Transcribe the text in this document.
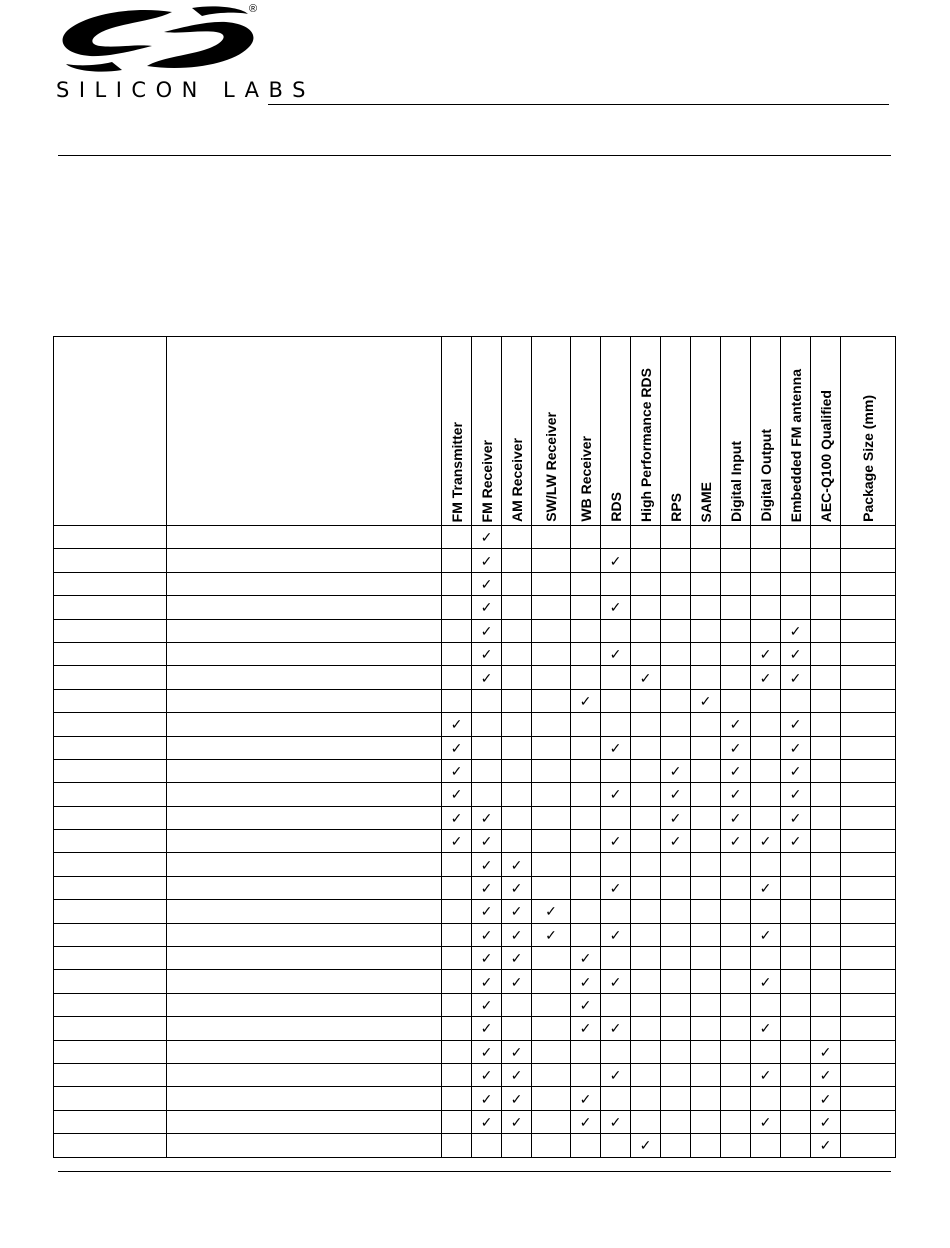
®
SILICON LABS
		FM Transmitter	FM Receiver	AM Receiver	SW/LW Receiver	WB Receiver	RDS	High Performance RDS	RPS	SAME	Digital Input	Digital Output	Embedded FM antenna	AEC-Q100 Qualified	Package Size (mm)
			✓												
			✓				✓								
			✓												
			✓				✓								
			✓										✓		
			✓				✓					✓	✓		
			✓					✓				✓	✓		
						✓				✓					
		✓									✓		✓		
		✓					✓				✓		✓		
		✓							✓		✓		✓		
		✓					✓		✓		✓		✓		
		✓	✓						✓		✓		✓		
		✓	✓				✓		✓		✓	✓	✓		
			✓	✓											
			✓	✓			✓					✓			
			✓	✓	✓										
			✓	✓	✓		✓					✓			
			✓	✓		✓									
			✓	✓		✓	✓					✓			
			✓			✓									
			✓			✓	✓					✓			
			✓	✓										✓	
			✓	✓			✓					✓		✓	
			✓	✓		✓								✓	
			✓	✓		✓	✓					✓		✓	
								✓						✓	
